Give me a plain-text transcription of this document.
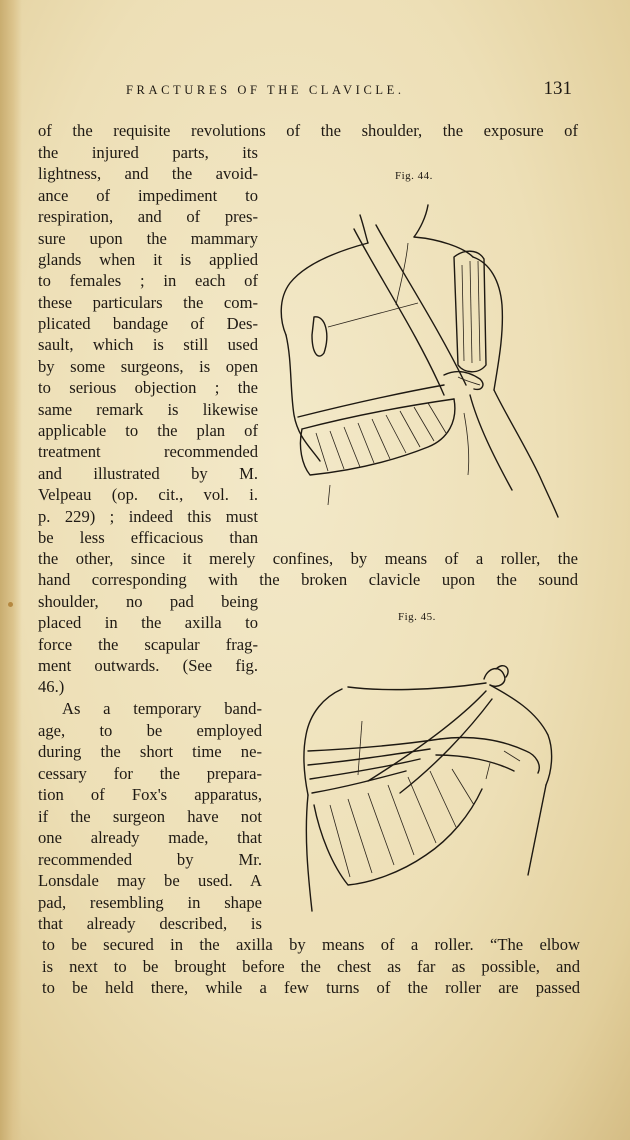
FRACTURES OF THE CLAVICLE.	131
of the requisite revolutions of the shoulder, the exposure of
the injured parts, its
lightness, and the avoid-
ance of impediment to
respiration, and of pres-
sure upon the mammary
glands when it is applied
to females ; in each of
these particulars the com-
plicated bandage of Des-
sault, which is still used
by some surgeons, is open
to serious objection ; the
same remark is likewise
applicable to the plan of
treatment recommended
and illustrated by M.
Velpeau (op. cit., vol. i.
p. 229) ; indeed this must
be less efficacious than
the other, since it merely confines, by means of a roller, the
hand corresponding with the broken clavicle upon the sound
shoulder, no pad being
placed in the axilla to
force the scapular frag-
ment outwards. (See fig.
46.)
As a temporary band-
age, to be employed
during the short time ne-
cessary for the prepara-
tion of Fox's apparatus,
if the surgeon have not
one already made, that
recommended by Mr.
Lonsdale may be used. A
pad, resembling in shape
that already described, is
to be secured in the axilla by means of a roller. “The elbow
is next to be brought before the chest as far as possible, and
to be held there, while a few turns of the roller are passed
Fig. 44.
Fig. 45.
